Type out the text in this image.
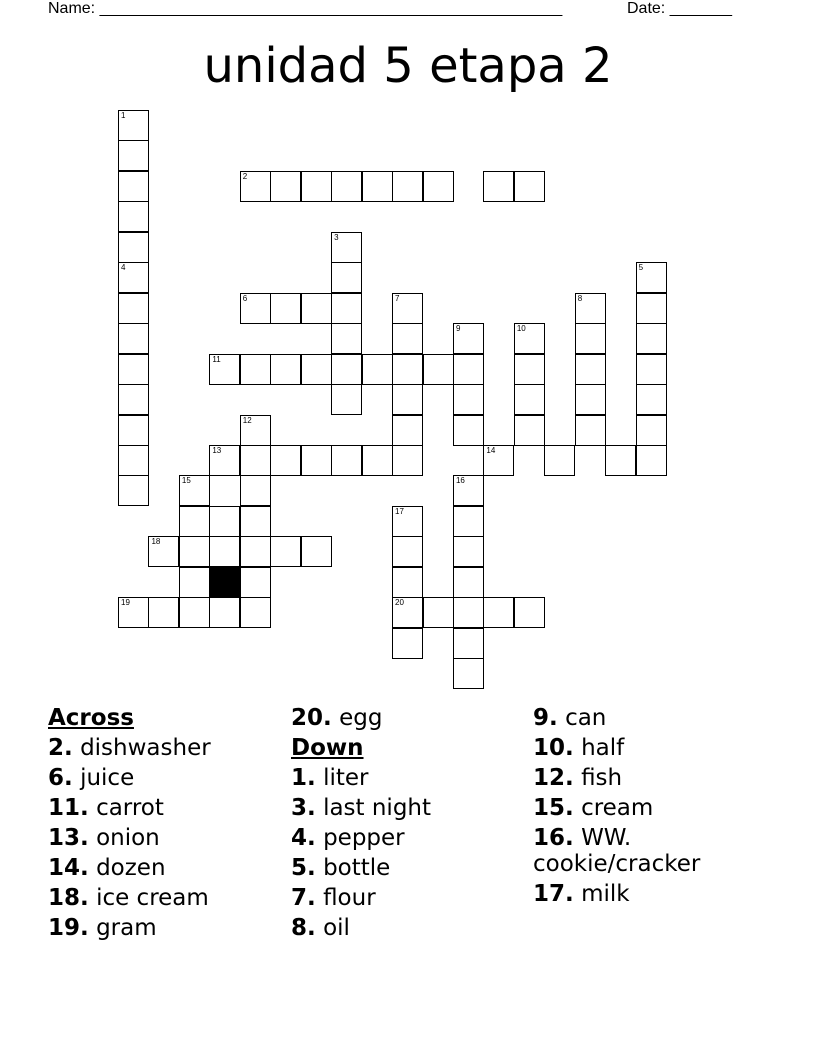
Name: ____________________________________________________	Date: _______
unidad 5 etapa 2
1
2
3
4	5
6	7	8
9	10
11
12
13	14
15	16
17
18
19	20
Across
2. dishwasher
6. juice
11. carrot
13. onion
14. dozen
18. ice cream
19. gram
20. egg
Down
1. liter
3. last night
4. pepper
5. bottle
7. flour
8. oil
9. can
10. half
12. fish
15. cream
16. WW.
cookie/cracker
17. milk
